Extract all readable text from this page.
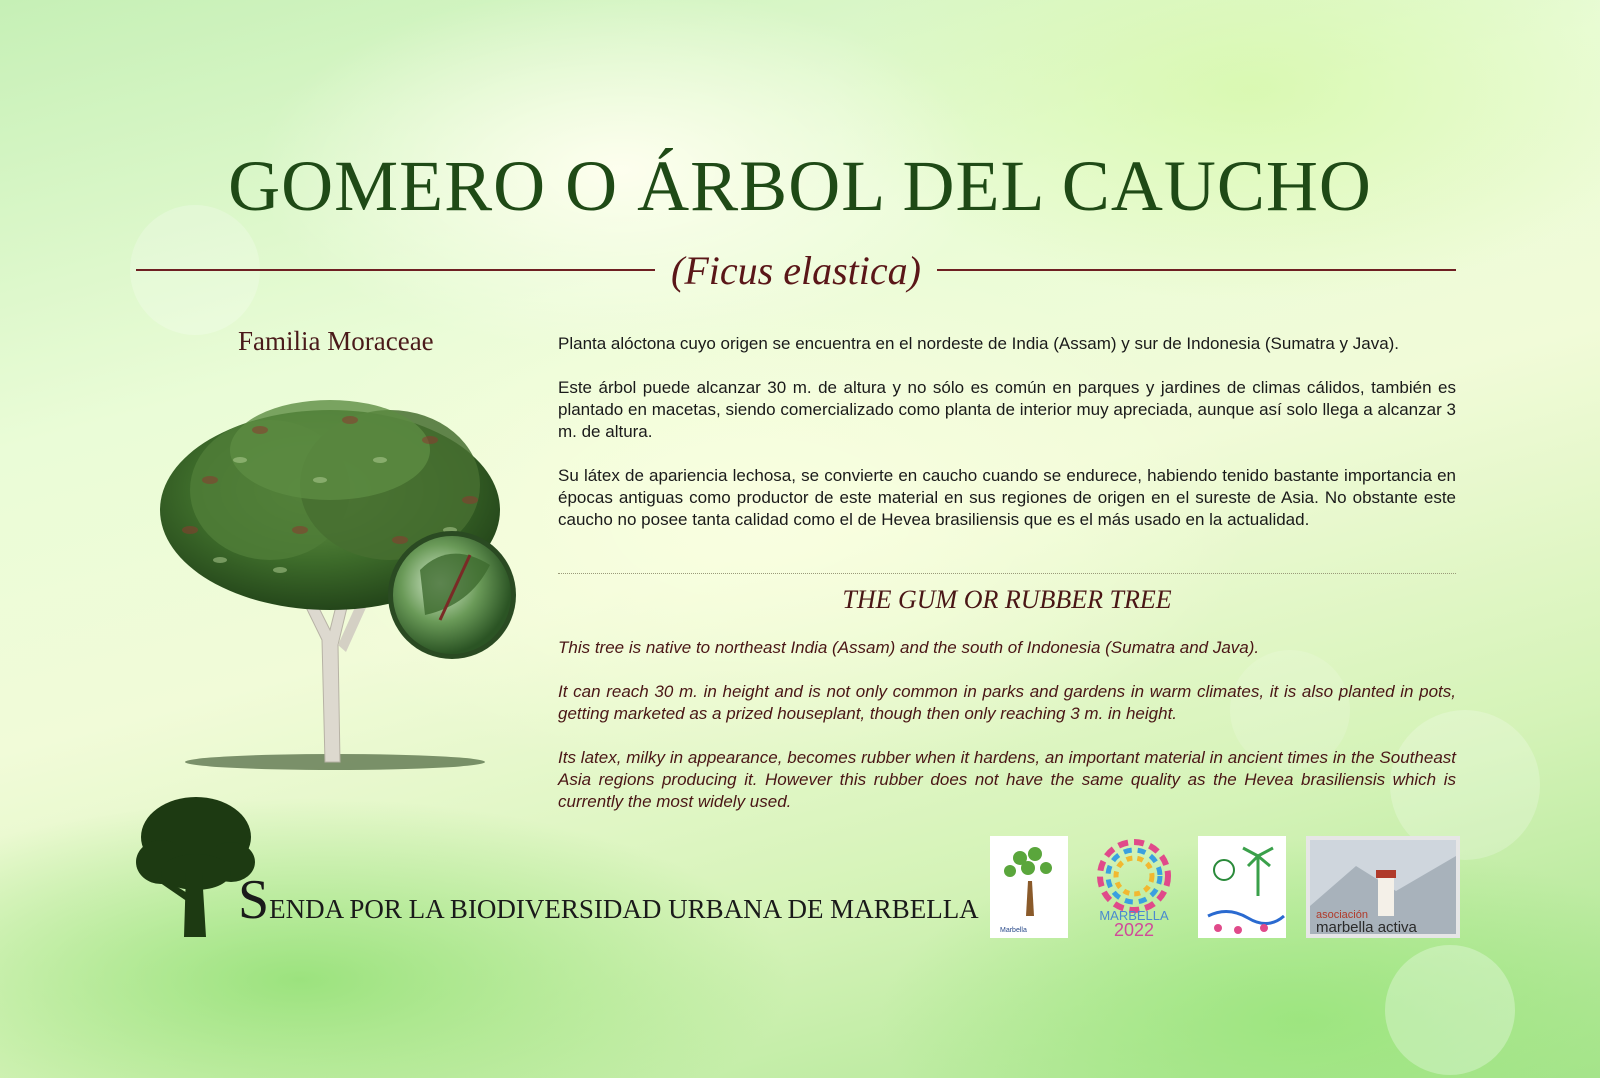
GOMERO O ÁRBOL DEL CAUCHO
(Ficus elastica)
Familia Moraceae	Planta alóctona cuyo origen se encuentra en el nordeste de India (Assam) y sur de Indonesia (Sumatra y Java).

Este árbol puede alcanzar 30 m. de altura y no sólo es común en parques y jardines de climas cálidos, también es plantado en macetas, siendo comercializado como planta de interior muy apreciada, aunque así solo llega a alcanzar 3 m. de altura.

Su látex de apariencia lechosa, se convierte en caucho cuando se endurece, habiendo tenido bastante importancia en épocas antiguas como productor de este material en sus regiones de origen en el sureste de Asia. No obstante este caucho no posee tanta calidad como el de Hevea brasiliensis que es el más usado en la actualidad.

THE GUM OR RUBBER TREE

This tree is native to northeast India (Assam) and the south of Indonesia (Sumatra and Java).

It can reach 30 m. in height and is not only common in parks and gardens in warm climates, it is also planted in pots, getting marketed as a prized houseplant, though then only reaching 3 m. in height.

Its latex, milky in appearance, becomes rubber when it hardens, an important material in ancient times in the Southeast Asia regions producing it. However this rubber does not have the same quality as the Hevea brasiliensis which is currently the most widely used.

SENDA POR LA BIODIVERSIDAD URBANA DE MARBELLA
Marbella
MARBELLA
2022
asociación
marbella activa
